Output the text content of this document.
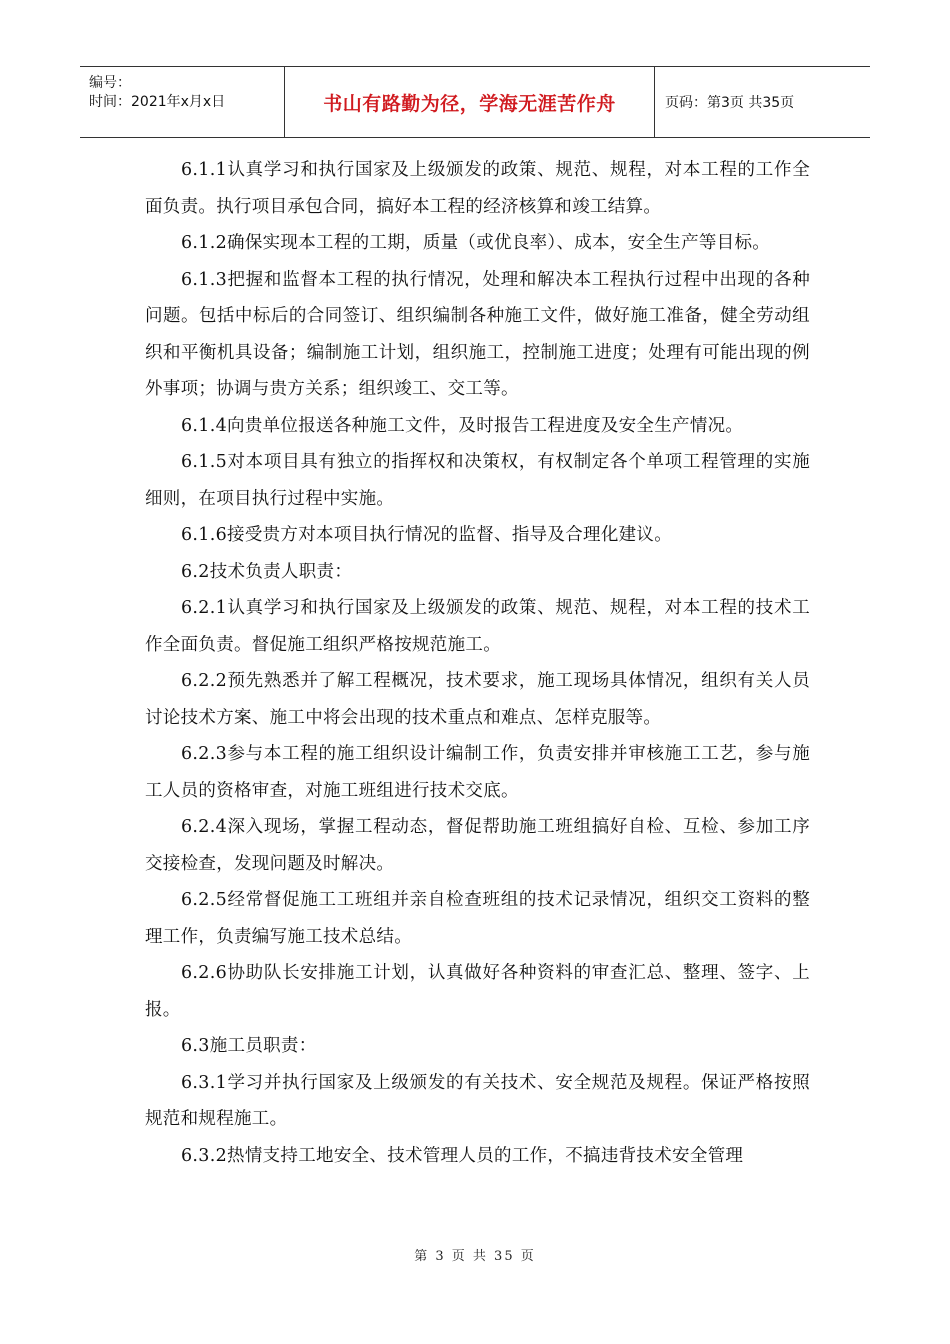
编号：
时间：2021年x月x日	书山有路勤为径，学海无涯苦作舟	页码：第3页 共35页

6.1.1认真学习和执行国家及上级颁发的政策、规范、规程，对本工程的工作全面负责。执行项目承包合同，搞好本工程的经济核算和竣工结算。

6.1.2确保实现本工程的工期，质量（或优良率）、成本，安全生产等目标。

6.1.3把握和监督本工程的执行情况，处理和解决本工程执行过程中出现的各种问题。包括中标后的合同签订、组织编制各种施工文件，做好施工准备，健全劳动组织和平衡机具设备；编制施工计划，组织施工，控制施工进度；处理有可能出现的例外事项；协调与贵方关系；组织竣工、交工等。

6.1.4向贵单位报送各种施工文件，及时报告工程进度及安全生产情况。

6.1.5对本项目具有独立的指挥权和决策权，有权制定各个单项工程管理的实施细则，在项目执行过程中实施。

6.1.6接受贵方对本项目执行情况的监督、指导及合理化建议。

6.2技术负责人职责：

6.2.1认真学习和执行国家及上级颁发的政策、规范、规程，对本工程的技术工作全面负责。督促施工组织严格按规范施工。

6.2.2预先熟悉并了解工程概况，技术要求，施工现场具体情况，组织有关人员讨论技术方案、施工中将会出现的技术重点和难点、怎样克服等。

6.2.3参与本工程的施工组织设计编制工作，负责安排并审核施工工艺，参与施工人员的资格审查，对施工班组进行技术交底。

6.2.4深入现场，掌握工程动态，督促帮助施工班组搞好自检、互检、参加工序交接检查，发现问题及时解决。

6.2.5经常督促施工工班组并亲自检查班组的技术记录情况，组织交工资料的整理工作，负责编写施工技术总结。

6.2.6协助队长安排施工计划，认真做好各种资料的审查汇总、整理、签字、上报。

6.3施工员职责：

6.3.1学习并执行国家及上级颁发的有关技术、安全规范及规程。保证严格按照规范和规程施工。

6.3.2热情支持工地安全、技术管理人员的工作，不搞违背技术安全管理

第 3 页 共 35 页
